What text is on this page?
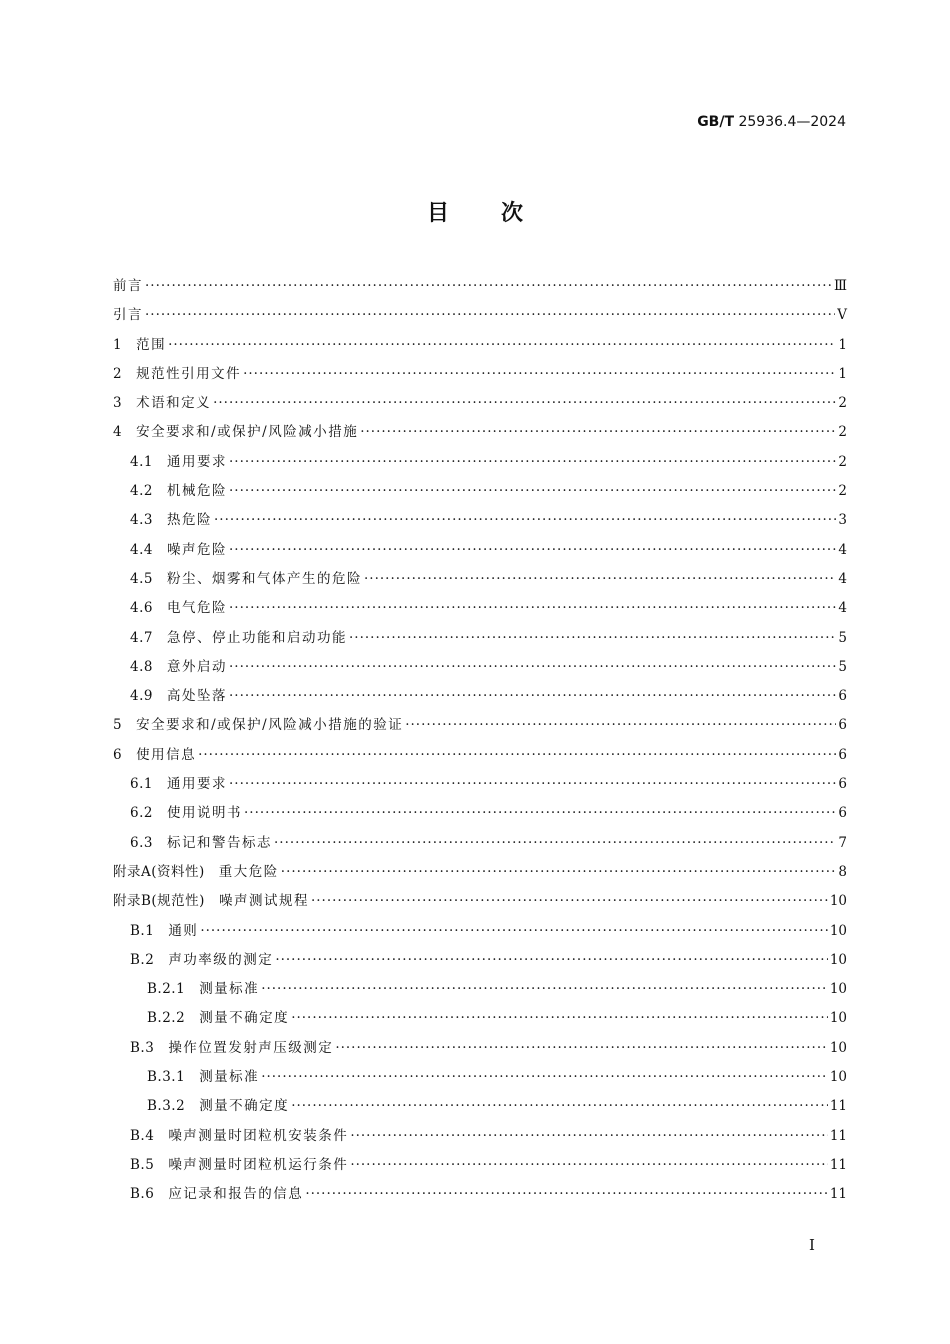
GB/T 25936.4—2024
目次
前言 ·····	Ⅲ
引言 ·····	Ⅴ
1 范围 ·····	1
2 规范性引用文件 ·····	1
3 术语和定义 ·····	2
4 安全要求和/或保护/风险减小措施 ·····	2
4.1 通用要求 ·····	2
4.2 机械危险 ·····	2
4.3 热危险 ·····	3
4.4 噪声危险 ·····	4
4.5 粉尘、烟雾和气体产生的危险 ·····	4
4.6 电气危险 ·····	4
4.7 急停、停止功能和启动功能 ·····	5
4.8 意外启动 ·····	5
4.9 高处坠落 ·····	6
5 安全要求和/或保护/风险减小措施的验证 ·····	6
6 使用信息 ·····	6
6.1 通用要求 ·····	6
6.2 使用说明书 ·····	6
6.3 标记和警告标志 ·····	7
附录A(资料性) 重大危险 ·····	8
附录B(规范性) 噪声测试规程 ·····	10
B.1 通则 ·····	10
B.2 声功率级的测定 ·····	10
B.2.1 测量标准 ·····	10
B.2.2 测量不确定度 ·····	10
B.3 操作位置发射声压级测定 ·····	10
B.3.1 测量标准 ·····	10
B.3.2 测量不确定度 ·····	11
B.4 噪声测量时团粒机安装条件 ·····	11
B.5 噪声测量时团粒机运行条件 ·····	11
B.6 应记录和报告的信息 ·····	11
Ⅰ
